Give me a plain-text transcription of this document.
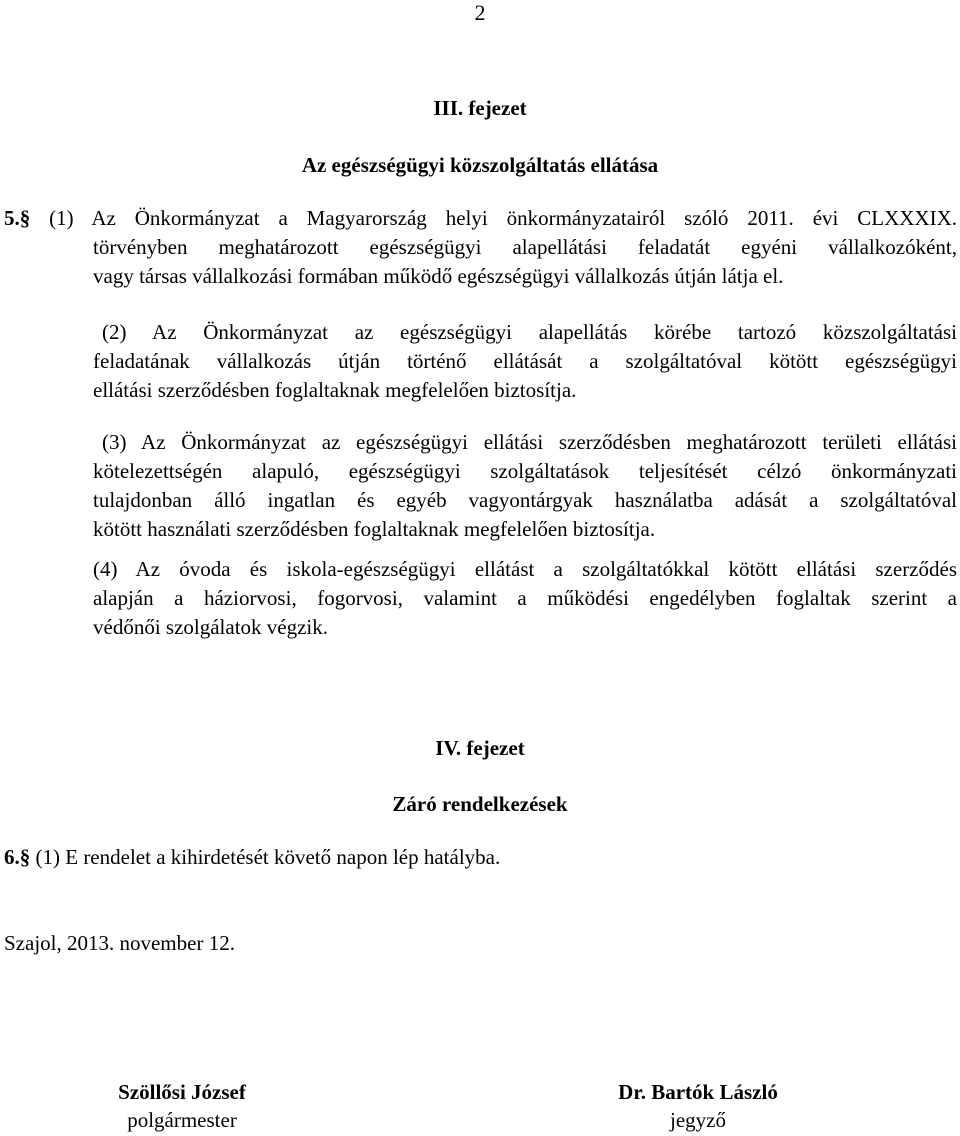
2
III. fejezet
Az egészségügyi közszolgáltatás ellátása
5.§ (1) Az Önkormányzat a Magyarország helyi önkormányzatairól szóló 2011. évi CLXXXIX.
törvényben meghatározott egészségügyi alapellátási feladatát egyéni vállalkozóként,
vagy társas vállalkozási formában működő egészségügyi vállalkozás útján látja el.
(2) Az Önkormányzat az egészségügyi alapellátás körébe tartozó közszolgáltatási
feladatának vállalkozás útján történő ellátását a szolgáltatóval kötött egészségügyi
ellátási szerződésben foglaltaknak megfelelően biztosítja.
(3) Az Önkormányzat az egészségügyi ellátási szerződésben meghatározott területi ellátási
kötelezettségén alapuló, egészségügyi szolgáltatások teljesítését célzó önkormányzati
tulajdonban álló ingatlan és egyéb vagyontárgyak használatba adását a szolgáltatóval
kötött használati szerződésben foglaltaknak megfelelően biztosítja.
(4) Az óvoda és iskola-egészségügyi ellátást a szolgáltatókkal kötött ellátási szerződés
alapján a háziorvosi, fogorvosi, valamint a működési engedélyben foglaltak szerint a
védőnői szolgálatok végzik.
IV. fejezet
Záró rendelkezések
6.§ (1) E rendelet a kihirdetését követő napon lép hatályba.
Szajol, 2013. november 12.
Szöllősi József
polgármester
Dr. Bartók László
jegyző
